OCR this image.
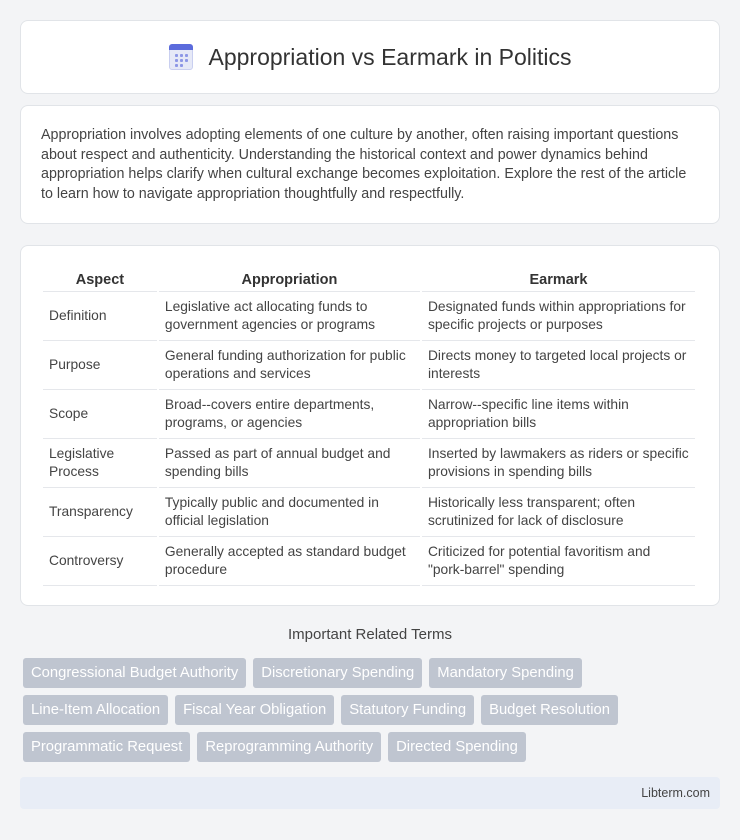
Appropriation vs Earmark in Politics

Appropriation involves adopting elements of one culture by another, often raising important questions about respect and authenticity. Understanding the historical context and power dynamics behind appropriation helps clarify when cultural exchange becomes exploitation. Explore the rest of the article to learn how to navigate appropriation thoughtfully and respectfully.

Aspect	Appropriation	Earmark
Definition	Legislative act allocating funds to government agencies or programs	Designated funds within appropriations for specific projects or purposes
Purpose	General funding authorization for public operations and services	Directs money to targeted local projects or interests
Scope	Broad--covers entire departments, programs, or agencies	Narrow--specific line items within appropriation bills
Legislative Process	Passed as part of annual budget and spending bills	Inserted by lawmakers as riders or specific provisions in spending bills
Transparency	Typically public and documented in official legislation	Historically less transparent; often scrutinized for lack of disclosure
Controversy	Generally accepted as standard budget procedure	Criticized for potential favoritism and "pork-barrel" spending
Important Related Terms
Congressional Budget Authority	Discretionary Spending	Mandatory Spending
Line-Item Allocation	Fiscal Year Obligation	Statutory Funding	Budget Resolution
Programmatic Request	Reprogramming Authority	Directed Spending
Libterm.com
